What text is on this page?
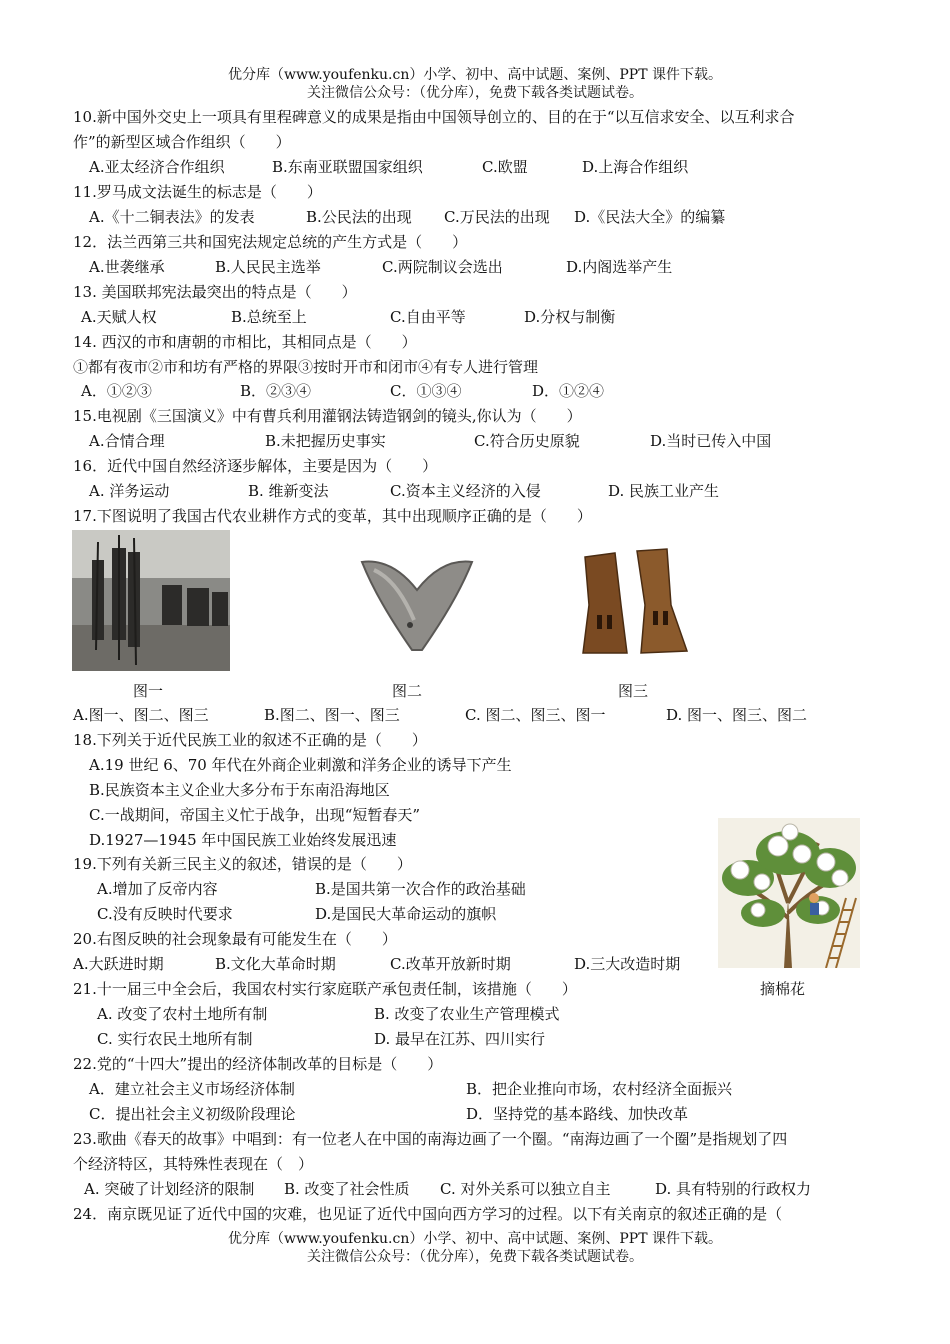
优分库（www.youfenku.cn）小学、初中、高中试题、案例、PPT 课件下载。
关注微信公众号：（优分库），免费下载各类试题试卷。
10.新中国外交史上一项具有里程碑意义的成果是指由中国领导创立的、目的在于“以互信求安全、以互利求合
作”的新型区域合作组织（　　）
A.亚太经济合作组织	B.东南亚联盟国家组织	C.欧盟	D.上海合作组织
11.罗马成文法诞生的标志是（　　）
A.《十二铜表法》的发表	B.公民法的出现 C.万民法的出现 D.《民法大全》的编纂
12．法兰西第三共和国宪法规定总统的产生方式是（　　）
A.世袭继承	B.人民民主选举	C.两院制议会选出	D.内阁选举产生
13. 美国联邦宪法最突出的特点是（　　）
A.天赋人权	B.总统至上	C.自由平等	D.分权与制衡
14. 西汉的市和唐朝的市相比，其相同点是（　　）
①都有夜市②市和坊有严格的界限③按时开市和闭市④有专人进行管理
A．①②③	B．②③④	C．①③④	D．①②④
15.电视剧《三国演义》中有曹兵利用灌钢法铸造钢剑的镜头,你认为（　　）
A.合情合理	B.未把握历史事实	C.符合历史原貌	D.当时已传入中国
16．近代中国自然经济逐步解体，主要是因为（　　）
A. 洋务运动	B. 维新变法	C.资本主义经济的入侵	D. 民族工业产生
17.下图说明了我国古代农业耕作方式的变革，其中出现顺序正确的是（　　）
图一	图二	图三
A.图一、图二、图三	B.图二、图一、图三	C. 图二、图三、图一	D. 图一、图三、图二
18.下列关于近代民族工业的叙述不正确的是（　　）
A.19 世纪 6、70 年代在外商企业刺激和洋务企业的诱导下产生
B.民族资本主义企业大多分布于东南沿海地区
C.一战期间，帝国主义忙于战争，出现“短暂春天”
D.1927—1945 年中国民族工业始终发展迅速
19.下列有关新三民主义的叙述，错误的是（　　）
A.增加了反帝内容	B.是国共第一次合作的政治基础
C.没有反映时代要求	D.是国民大革命运动的旗帜
20.右图反映的社会现象最有可能发生在（　　）
A.大跃进时期	B.文化大革命时期	C.改革开放新时期	D.三大改造时期
摘棉花
21.十一届三中全会后，我国农村实行家庭联产承包责任制，该措施（　　）
A. 改变了农村土地所有制	B. 改变了农业生产管理模式
C. 实行农民土地所有制	D. 最早在江苏、四川实行
22.党的“十四大”提出的经济体制改革的目标是（　　）
A．建立社会主义市场经济体制	B．把企业推向市场，农村经济全面振兴
C．提出社会主义初级阶段理论	D．坚持党的基本路线、加快改革
23.歌曲《春天的故事》中唱到：有一位老人在中国的南海边画了一个圈。“南海边画了一个圈”是指规划了四
个经济特区，其特殊性表现在（　）
A. 突破了计划经济的限制 B. 改变了社会性质 C. 对外关系可以独立自主	D. 具有特别的行政权力
24．南京既见证了近代中国的灾难，也见证了近代中国向西方学习的过程。以下有关南京的叙述正确的是（
优分库（www.youfenku.cn）小学、初中、高中试题、案例、PPT 课件下载。
关注微信公众号：（优分库），免费下载各类试题试卷。
